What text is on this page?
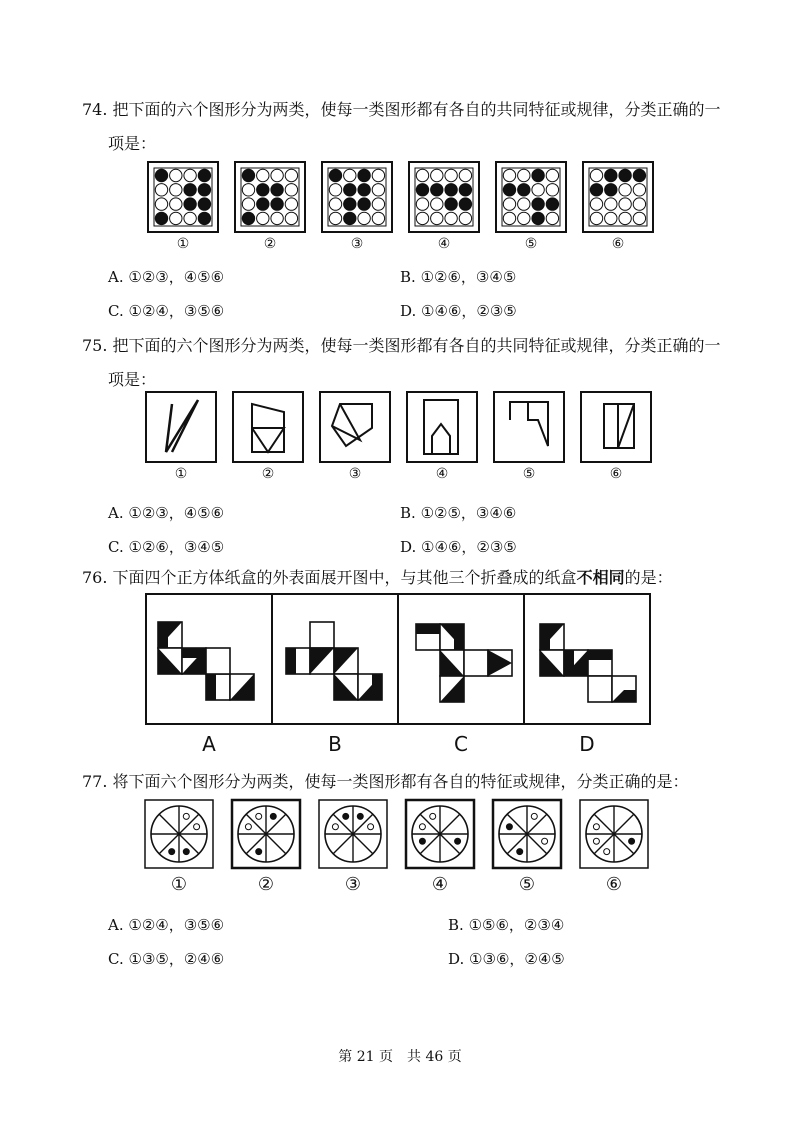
74. 把下面的六个图形分为两类，使每一类图形都有各自的共同特征或规律，分类正确的一
项是：
①	②	③	④	⑤	⑥
A. ①②③，④⑤⑥	B. ①②⑥，③④⑤
C. ①②④，③⑤⑥	D. ①④⑥，②③⑤
75. 把下面的六个图形分为两类，使每一类图形都有各自的共同特征或规律，分类正确的一
项是：
①	②	③	④	⑤	⑥
A. ①②③，④⑤⑥	B. ①②⑤，③④⑥
C. ①②⑥，③④⑤	D. ①④⑥，②③⑤
76. 下面四个正方体纸盒的外表面展开图中，与其他三个折叠成的纸盒不相同的是：
A	B	C	D
77. 将下面六个图形分为两类，使每一类图形都有各自的特征或规律，分类正确的是：
①	②	③	④	⑤	⑥
A. ①②④，③⑤⑥	B. ①⑤⑥，②③④
C. ①③⑤，②④⑥	D. ①③⑥，②④⑤
第 21 页　共 46 页
